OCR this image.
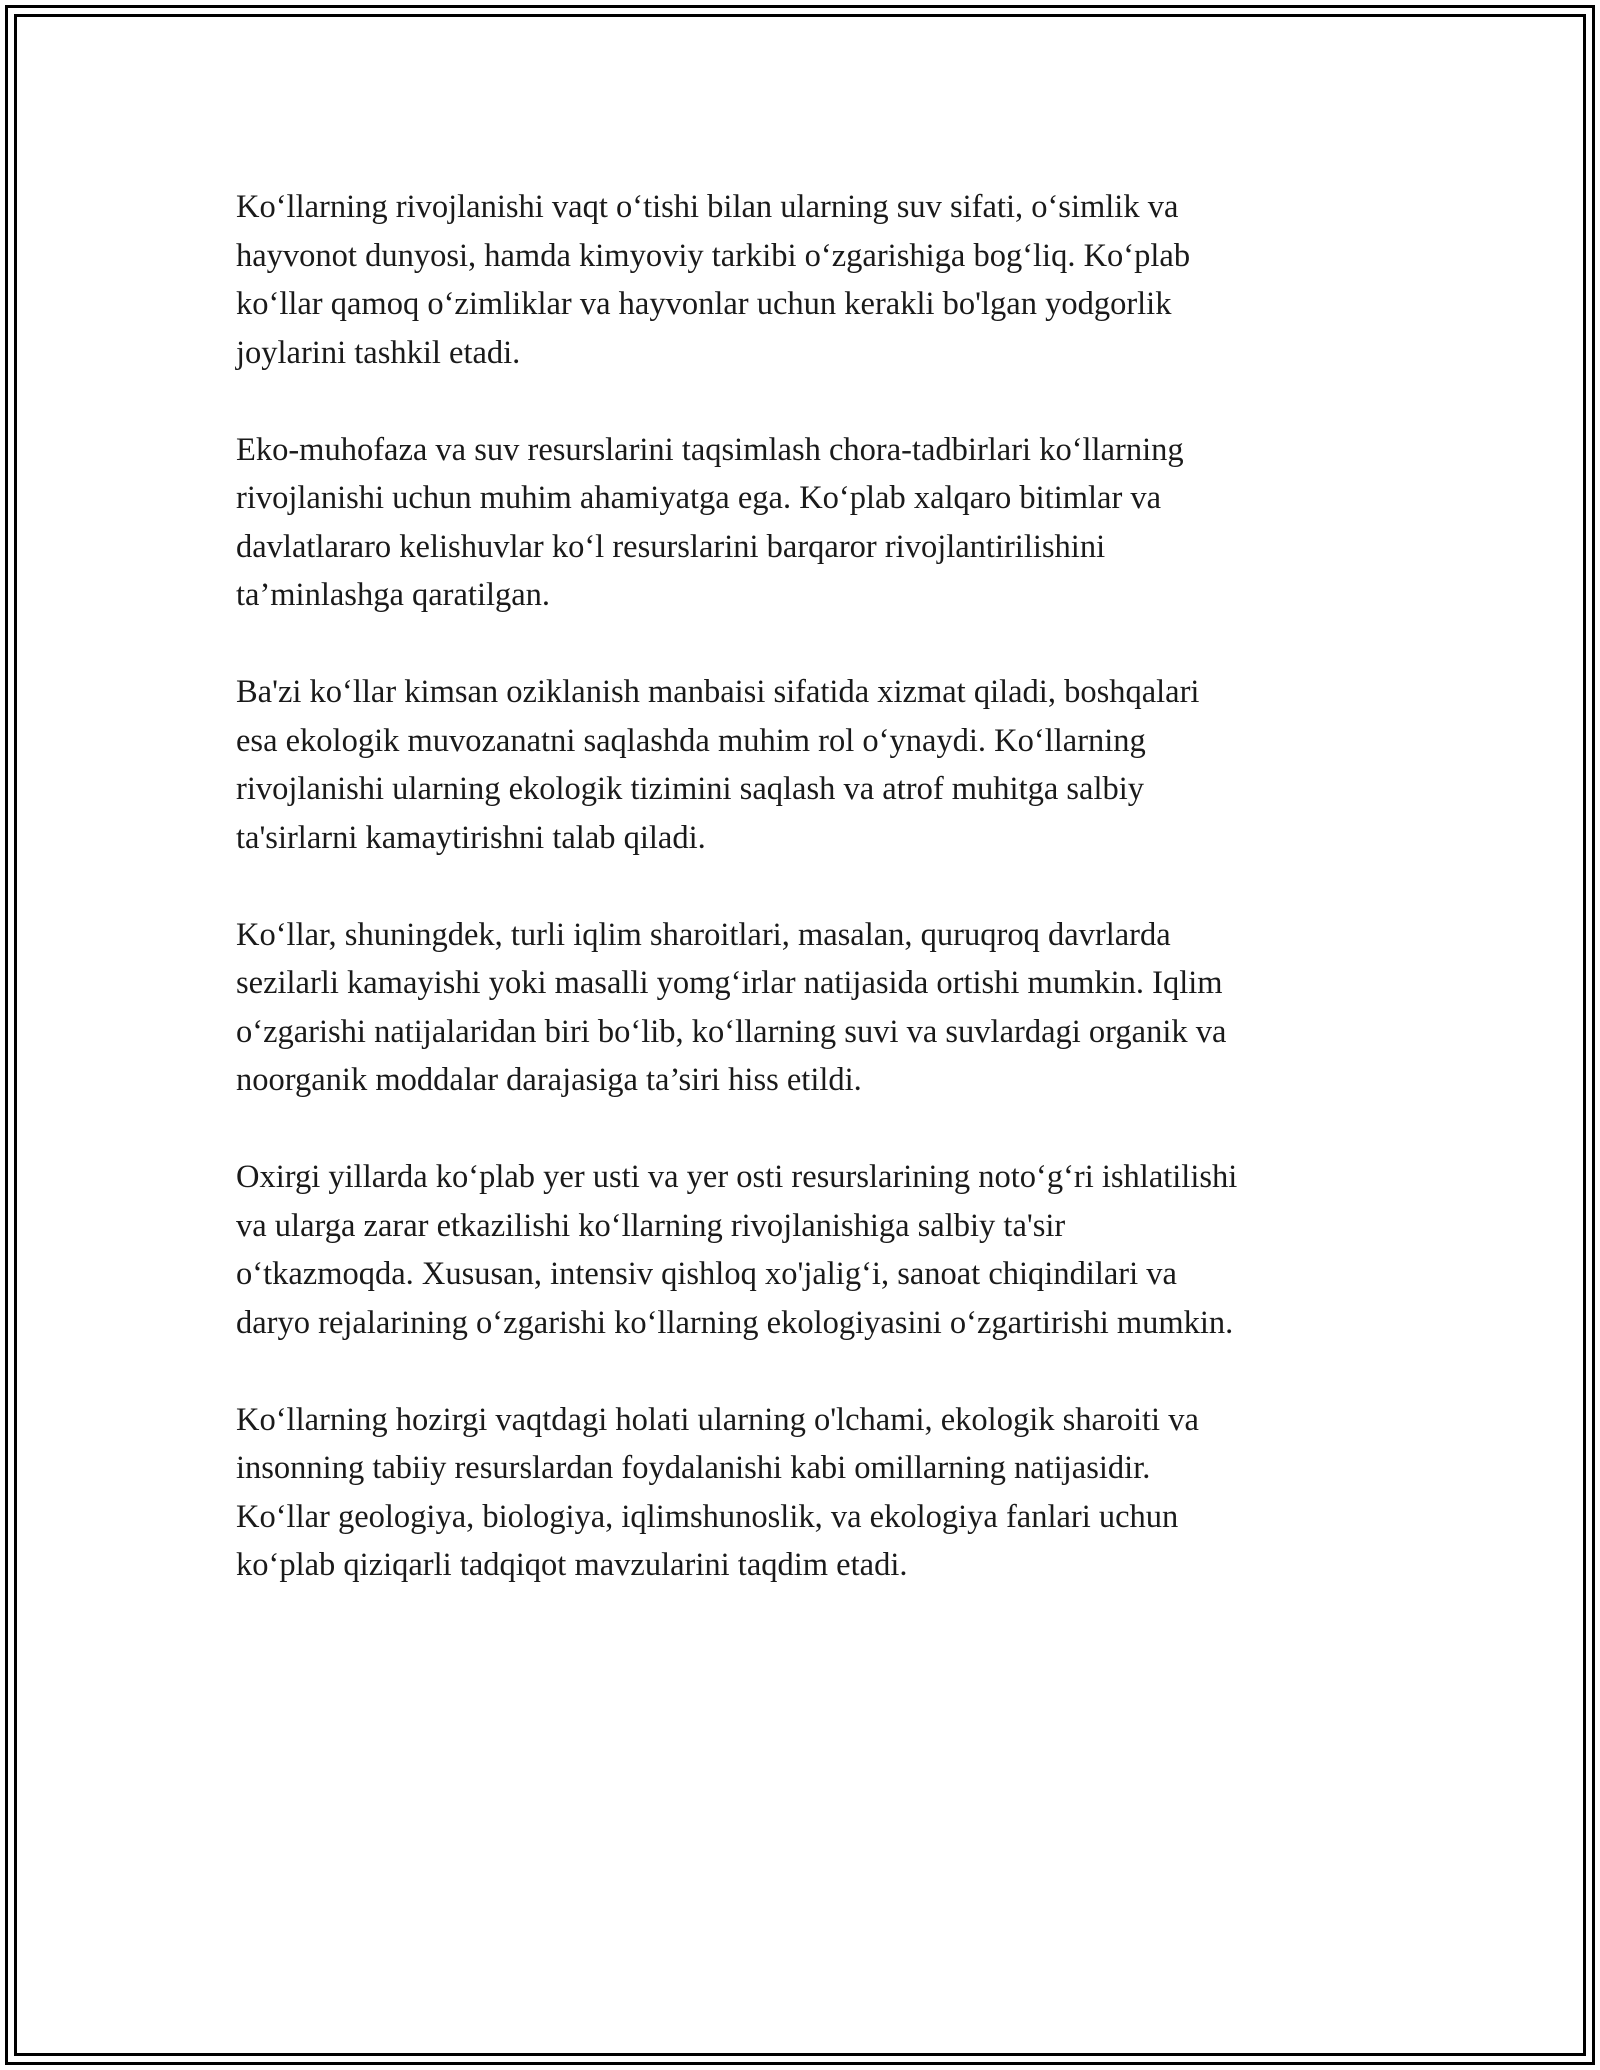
Ko‘llarning rivojlanishi vaqt o‘tishi bilan ularning suv sifati, o‘simlik va
hayvonot dunyosi, hamda kimyoviy tarkibi o‘zgarishiga bog‘liq. Ko‘plab
ko‘llar qamoq o‘zimliklar va hayvonlar uchun kerakli bo'lgan yodgorlik
joylarini tashkil etadi.

Eko-muhofaza va suv resurslarini taqsimlash chora-tadbirlari ko‘llarning
rivojlanishi uchun muhim ahamiyatga ega. Ko‘plab xalqaro bitimlar va
davlatlararo kelishuvlar ko‘l resurslarini barqaror rivojlantirilishini
ta’minlashga qaratilgan.

Ba'zi ko‘llar kimsan oziklanish manbaisi sifatida xizmat qiladi, boshqalari
esa ekologik muvozanatni saqlashda muhim rol o‘ynaydi. Ko‘llarning
rivojlanishi ularning ekologik tizimini saqlash va atrof muhitga salbiy
ta'sirlarni kamaytirishni talab qiladi.

Ko‘llar, shuningdek, turli iqlim sharoitlari, masalan, quruqroq davrlarda
sezilarli kamayishi yoki masalli yomg‘irlar natijasida ortishi mumkin. Iqlim
o‘zgarishi natijalaridan biri bo‘lib, ko‘llarning suvi va suvlardagi organik va
noorganik moddalar darajasiga ta’siri hiss etildi.

Oxirgi yillarda ko‘plab yer usti va yer osti resurslarining noto‘g‘ri ishlatilishi
va ularga zarar etkazilishi ko‘llarning rivojlanishiga salbiy ta'sir
o‘tkazmoqda. Xususan, intensiv qishloq xo'jalig‘i, sanoat chiqindilari va
daryo rejalarining o‘zgarishi ko‘llarning ekologiyasini o‘zgartirishi mumkin.

Ko‘llarning hozirgi vaqtdagi holati ularning o'lchami, ekologik sharoiti va
insonning tabiiy resurslardan foydalanishi kabi omillarning natijasidir.
Ko‘llar geologiya, biologiya, iqlimshunoslik, va ekologiya fanlari uchun
ko‘plab qiziqarli tadqiqot mavzularini taqdim etadi.
